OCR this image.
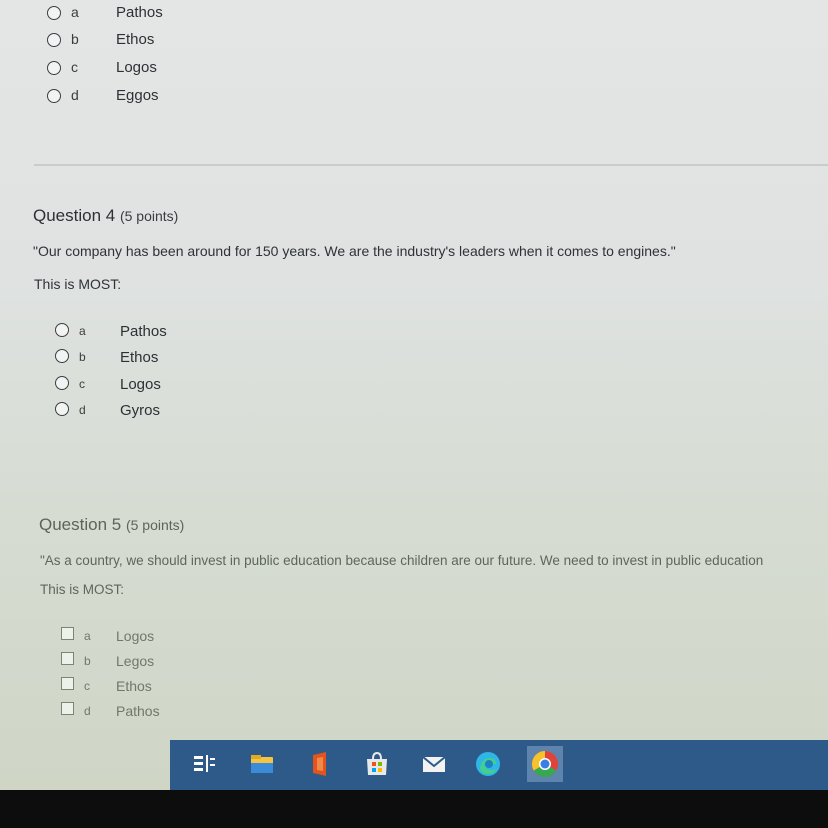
a Pathos
b Ethos
c	Logos
d Eggos
Question 4 (5 points)
"Our company has been around for 150 years. We are the industry's leaders when it comes to engines."
This is MOST:
a Pathos
b Ethos
c Logos
d Gyros
Question 5 (5 points)
"As a country, we should invest in public education because children are our future. We need to invest in public education
This is MOST:
a Logos
b Legos
c Ethos
d Pathos
